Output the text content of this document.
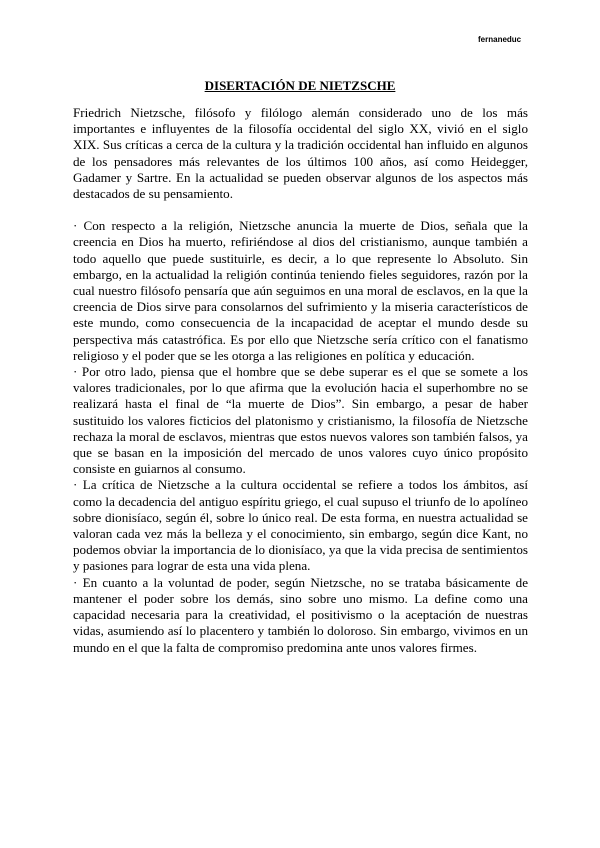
fernaneduc
DISERTACIÓN DE NIETZSCHE

Friedrich Nietzsche, filósofo y filólogo alemán considerado uno de los más importantes e influyentes de la filosofía occidental del siglo XX, vivió en el siglo XIX. Sus críticas a cerca de la cultura y la tradición occidental han influido en algunos de los pensadores más relevantes de los últimos 100 años, así como Heidegger, Gadamer y Sartre. En la actualidad se pueden observar algunos de los aspectos más destacados de su pensamiento.

· Con respecto a la religión, Nietzsche anuncia la muerte de Dios, señala que la creencia en Dios ha muerto, refiriéndose al dios del cristianismo, aunque también a todo aquello que puede sustituirle, es decir, a lo que represente lo Absoluto. Sin embargo, en la actualidad la religión continúa teniendo fieles seguidores, razón por la cual nuestro filósofo pensaría que aún seguimos en una moral de esclavos, en la que la creencia de Dios sirve para consolarnos del sufrimiento y la miseria característicos de este mundo, como consecuencia de la incapacidad de aceptar el mundo desde su perspectiva más catastrófica. Es por ello que Nietzsche sería crítico con el fanatismo religioso y el poder que se les otorga a las religiones en política y educación.

· Por otro lado, piensa que el hombre que se debe superar es el que se somete a los valores tradicionales, por lo que afirma que la evolución hacia el superhombre no se realizará hasta el final de “la muerte de Dios”. Sin embargo, a pesar de haber sustituido los valores ficticios del platonismo y cristianismo, la filosofía de Nietzsche rechaza la moral de esclavos, mientras que estos nuevos valores son también falsos, ya que se basan en la imposición del mercado de unos valores cuyo único propósito consiste en guiarnos al consumo.

· La crítica de Nietzsche a la cultura occidental se refiere a todos los ámbitos, así como la decadencia del antiguo espíritu griego, el cual supuso el triunfo de lo apolíneo sobre dionisíaco, según él, sobre lo único real. De esta forma, en nuestra actualidad se valoran cada vez más la belleza y el conocimiento, sin embargo, según dice Kant, no podemos obviar la importancia de lo dionisíaco, ya que la vida precisa de sentimientos y pasiones para lograr de esta una vida plena.

· En cuanto a la voluntad de poder, según Nietzsche, no se trataba básicamente de mantener el poder sobre los demás, sino sobre uno mismo. La define como una capacidad necesaria para la creatividad, el positivismo o la aceptación de nuestras vidas, asumiendo así lo placentero y también lo doloroso. Sin embargo, vivimos en un mundo en el que la falta de compromiso predomina ante unos valores firmes.
